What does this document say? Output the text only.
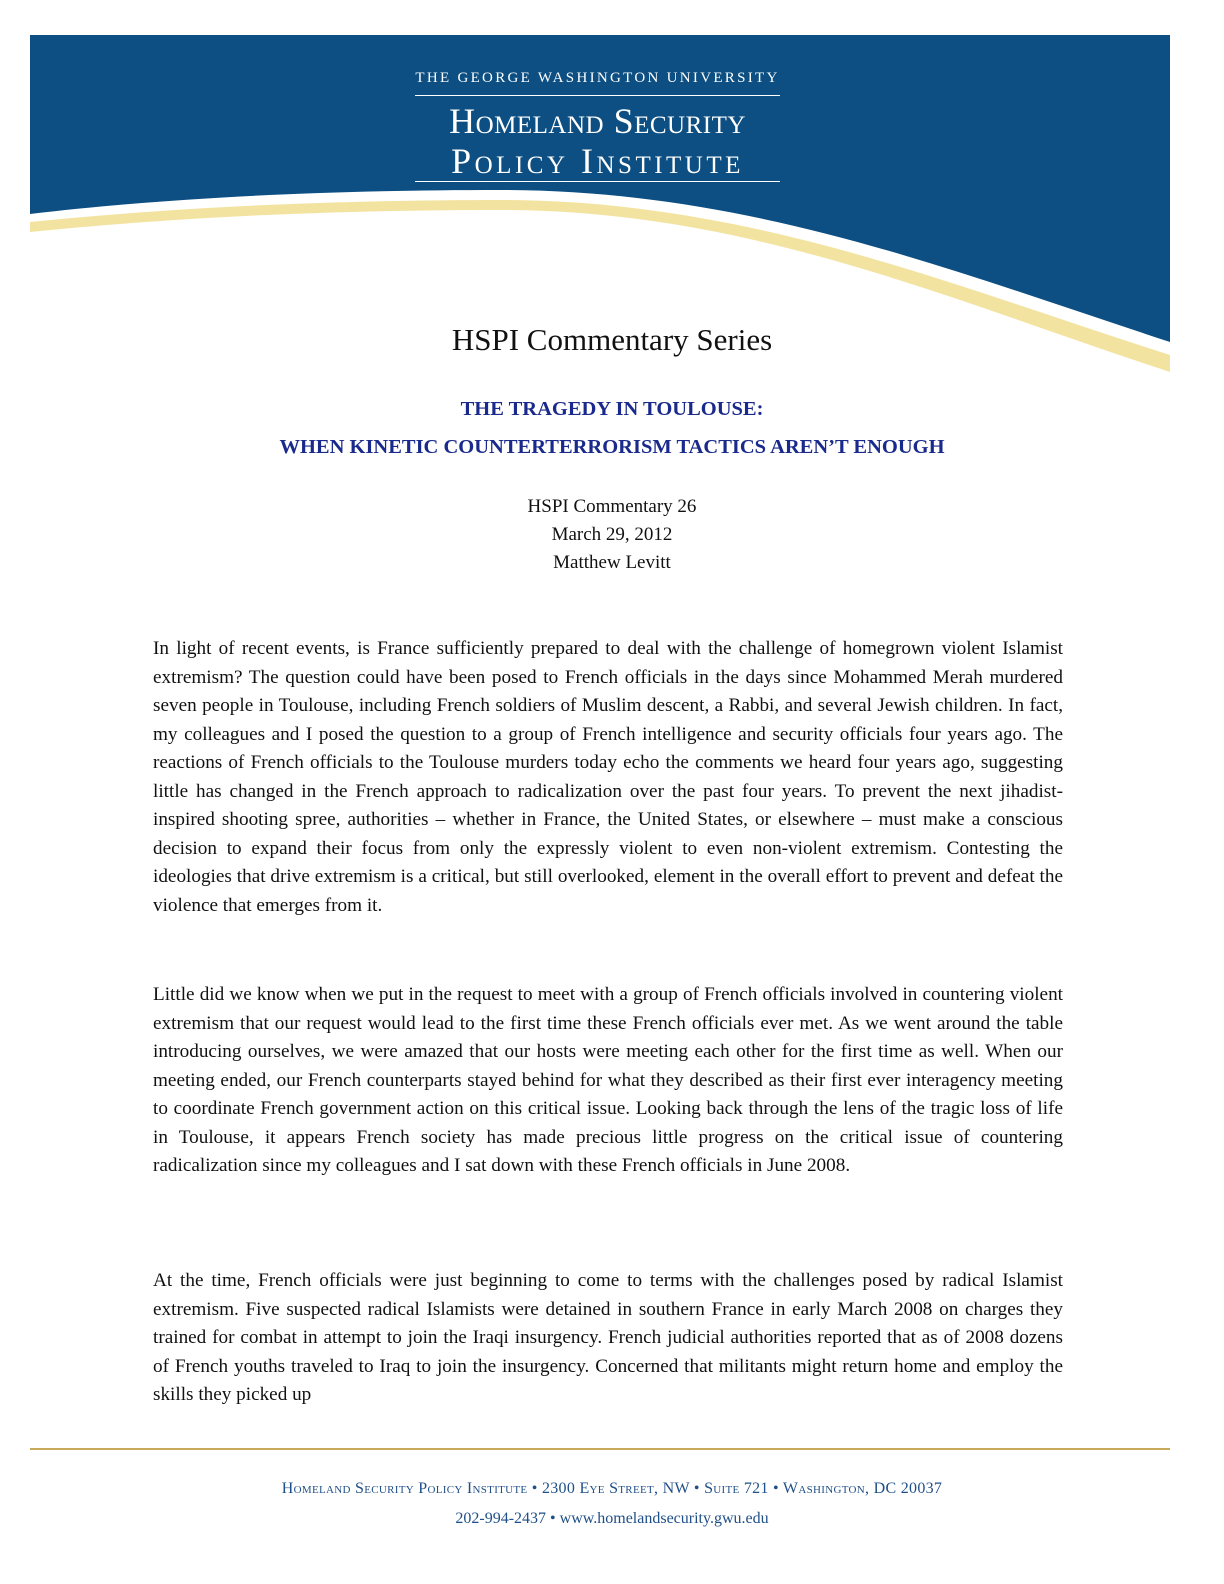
THE GEORGE WASHINGTON UNIVERSITY
Homeland Security
Policy Institute
HSPI Commentary Series
THE TRAGEDY IN TOULOUSE:
WHEN KINETIC COUNTERTERRORISM TACTICS AREN’T ENOUGH
HSPI Commentary 26
March 29, 2012
Matthew Levitt

In light of recent events, is France sufficiently prepared to deal with the challenge of homegrown violent Islamist extremism? The question could have been posed to French officials in the days since Mohammed Merah murdered seven people in Toulouse, including French soldiers of Muslim descent, a Rabbi, and several Jewish children. In fact, my colleagues and I posed the question to a group of French intelligence and security officials four years ago. The reactions of French officials to the Toulouse murders today echo the comments we heard four years ago, suggesting little has changed in the French approach to radicalization over the past four years. To prevent the next jihadist-inspired shooting spree, authorities – whether in France, the United States, or elsewhere – must make a conscious decision to expand their focus from only the expressly violent to even non-violent extremism. Contesting the ideologies that drive extremism is a critical, but still overlooked, element in the overall effort to prevent and defeat the violence that emerges from it.

Little did we know when we put in the request to meet with a group of French officials involved in countering violent extremism that our request would lead to the first time these French officials ever met. As we went around the table introducing ourselves, we were amazed that our hosts were meeting each other for the first time as well. When our meeting ended, our French counterparts stayed behind for what they described as their first ever interagency meeting to coordinate French government action on this critical issue. Looking back through the lens of the tragic loss of life in Toulouse, it appears French society has made precious little progress on the critical issue of countering radicalization since my colleagues and I sat down with these French officials in June 2008.

At the time, French officials were just beginning to come to terms with the challenges posed by radical Islamist extremism. Five suspected radical Islamists were detained in southern France in early March 2008 on charges they trained for combat in attempt to join the Iraqi insurgency. French judicial authorities reported that as of 2008 dozens of French youths traveled to Iraq to join the insurgency. Concerned that militants might return home and employ the skills they picked up

Homeland Security Policy Institute • 2300 Eye Street, NW • Suite 721 • Washington, DC 20037
202-994-2437 • www.homelandsecurity.gwu.edu
